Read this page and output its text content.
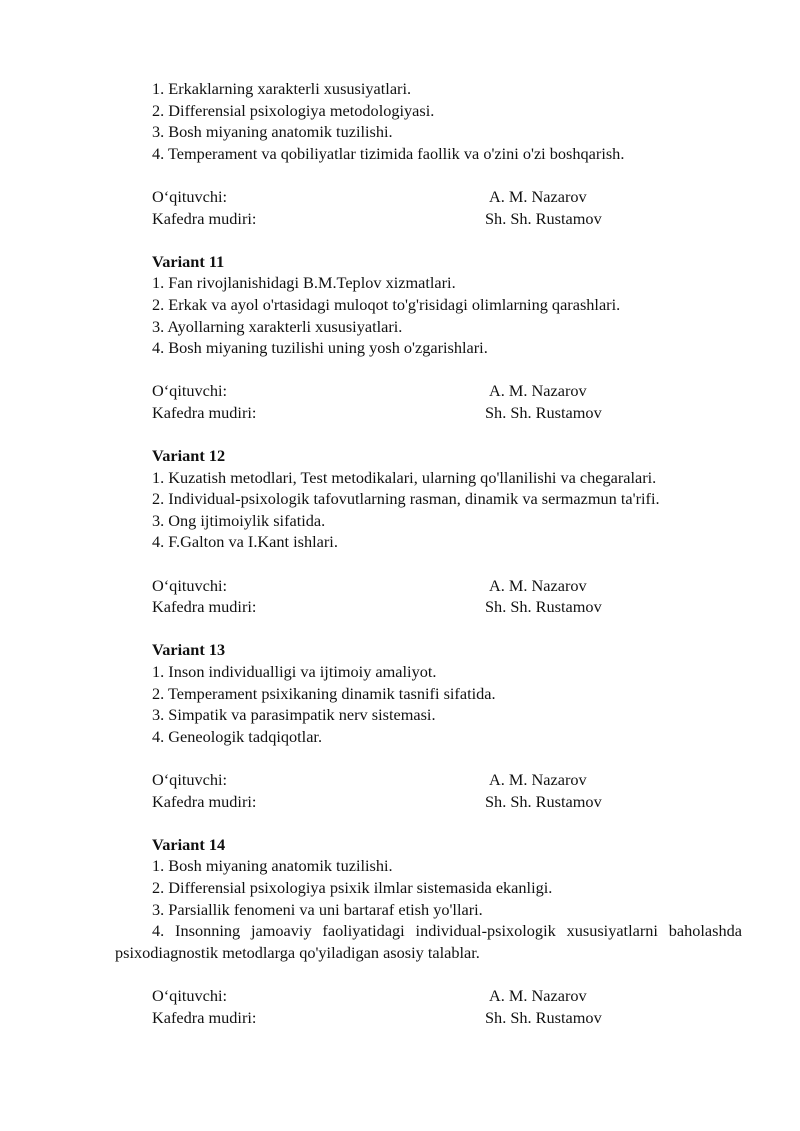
1. Erkaklarning xarakterli xususiyatlari.

2. Differensial psixologiya metodologiyasi.

3. Bosh miyaning anatomik tuzilishi.

4. Temperament va qobiliyatlar tizimida faollik va o'zini o'zi boshqarish.

O‘qituvchi:	A. M. Nazarov
Kafedra mudiri:	Sh. Sh. Rustamov

Variant 11

1. Fan rivojlanishidagi B.M.Teplov xizmatlari.

2. Erkak va ayol o'rtasidagi muloqot to'g'risidagi olimlarning qarashlari.

3. Ayollarning xarakterli xususiyatlari.

4. Bosh miyaning tuzilishi uning yosh o'zgarishlari.

O‘qituvchi:	A. M. Nazarov
Kafedra mudiri:	Sh. Sh. Rustamov

Variant 12

1. Kuzatish metodlari, Test metodikalari, ularning qo'llanilishi va chegaralari.

2. Individual-psixologik tafovutlarning rasman, dinamik va sermazmun ta'rifi.

3. Ong ijtimoiylik sifatida.

4. F.Galton va I.Kant ishlari.

O‘qituvchi:	A. M. Nazarov
Kafedra mudiri:	Sh. Sh. Rustamov

Variant 13

1. Inson individualligi va ijtimoiy amaliyot.

2. Temperament psixikaning dinamik tasnifi sifatida.

3. Simpatik va parasimpatik nerv sistemasi.

4. Geneologik tadqiqotlar.

O‘qituvchi:	A. M. Nazarov
Kafedra mudiri:	Sh. Sh. Rustamov

Variant 14

1. Bosh miyaning anatomik tuzilishi.

2. Differensial psixologiya psixik ilmlar sistemasida ekanligi.

3. Parsiallik fenomeni va uni bartaraf etish yo'llari.

4. Insonning jamoaviy faoliyatidagi individual-psixologik xususiyatlarni baholashda psixodiagnostik metodlarga qo'yiladigan asosiy talablar.

O‘qituvchi:	A. M. Nazarov
Kafedra mudiri:	Sh. Sh. Rustamov
